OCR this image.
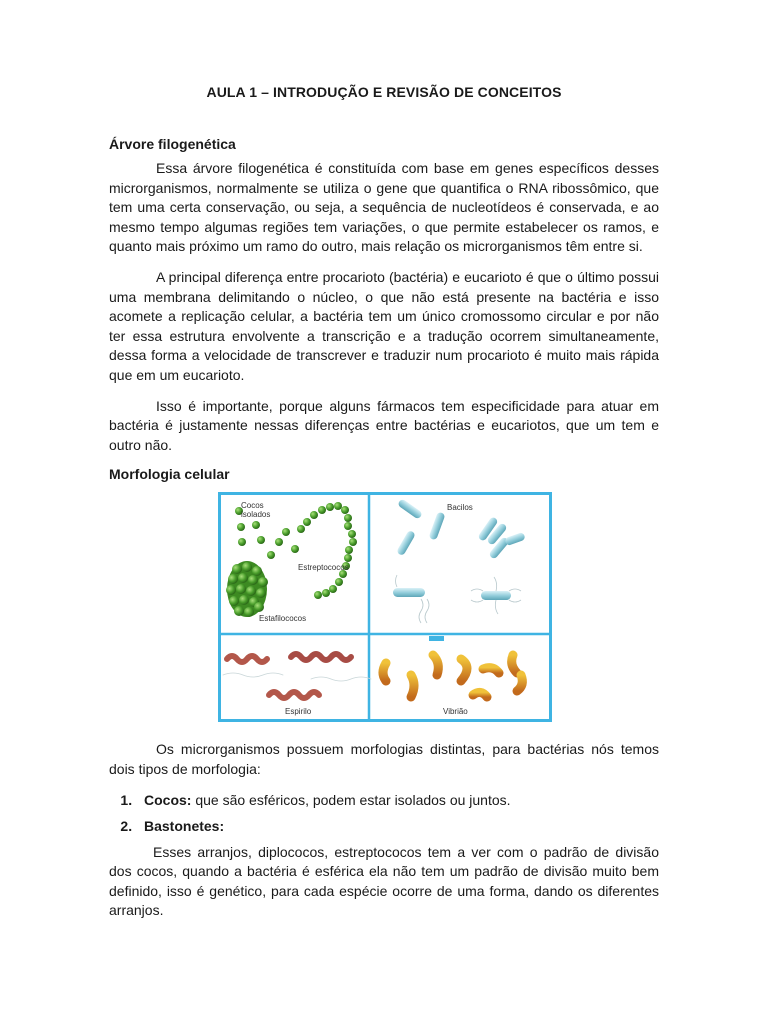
AULA 1 – INTRODUÇÃO E REVISÃO DE CONCEITOS
Árvore filogenética

Essa árvore filogenética é constituída com base em genes específicos desses microrganismos, normalmente se utiliza o gene que quantifica o RNA ribossômico, que tem uma certa conservação, ou seja, a sequência de nucleotídeos é conservada, e ao mesmo tempo algumas regiões tem variações, o que permite estabelecer os ramos, e quanto mais próximo um ramo do outro, mais relação os microrganismos têm entre si.

A principal diferença entre procarioto (bactéria) e eucarioto é que o último possui uma membrana delimitando o núcleo, o que não está presente na bactéria e isso acomete a replicação celular, a bactéria tem um único cromossomo circular e por não ter essa estrutura envolvente a transcrição e a tradução ocorrem simultaneamente, dessa forma a velocidade de transcrever e traduzir num procarioto é muito mais rápida que em um eucarioto.

Isso é importante, porque alguns fármacos tem especificidade para atuar em bactéria é justamente nessas diferenças entre bactérias e eucariotos, que um tem e outro não.

Morfologia celular
Cocos
isolados
Estreptococos
Estafilococos
Bacilos
Espirilo	Vibrião

Os microrganismos possuem morfologias distintas, para bactérias nós temos dois tipos de morfologia:

1. Cocos: que são esféricos, podem estar isolados ou juntos.
2. Bastonetes:

Esses arranjos, diplococos, estreptococos tem a ver com o padrão de divisão dos cocos, quando a bactéria é esférica ela não tem um padrão de divisão muito bem definido, isso é genético, para cada espécie ocorre de uma forma, dando os diferentes arranjos.
